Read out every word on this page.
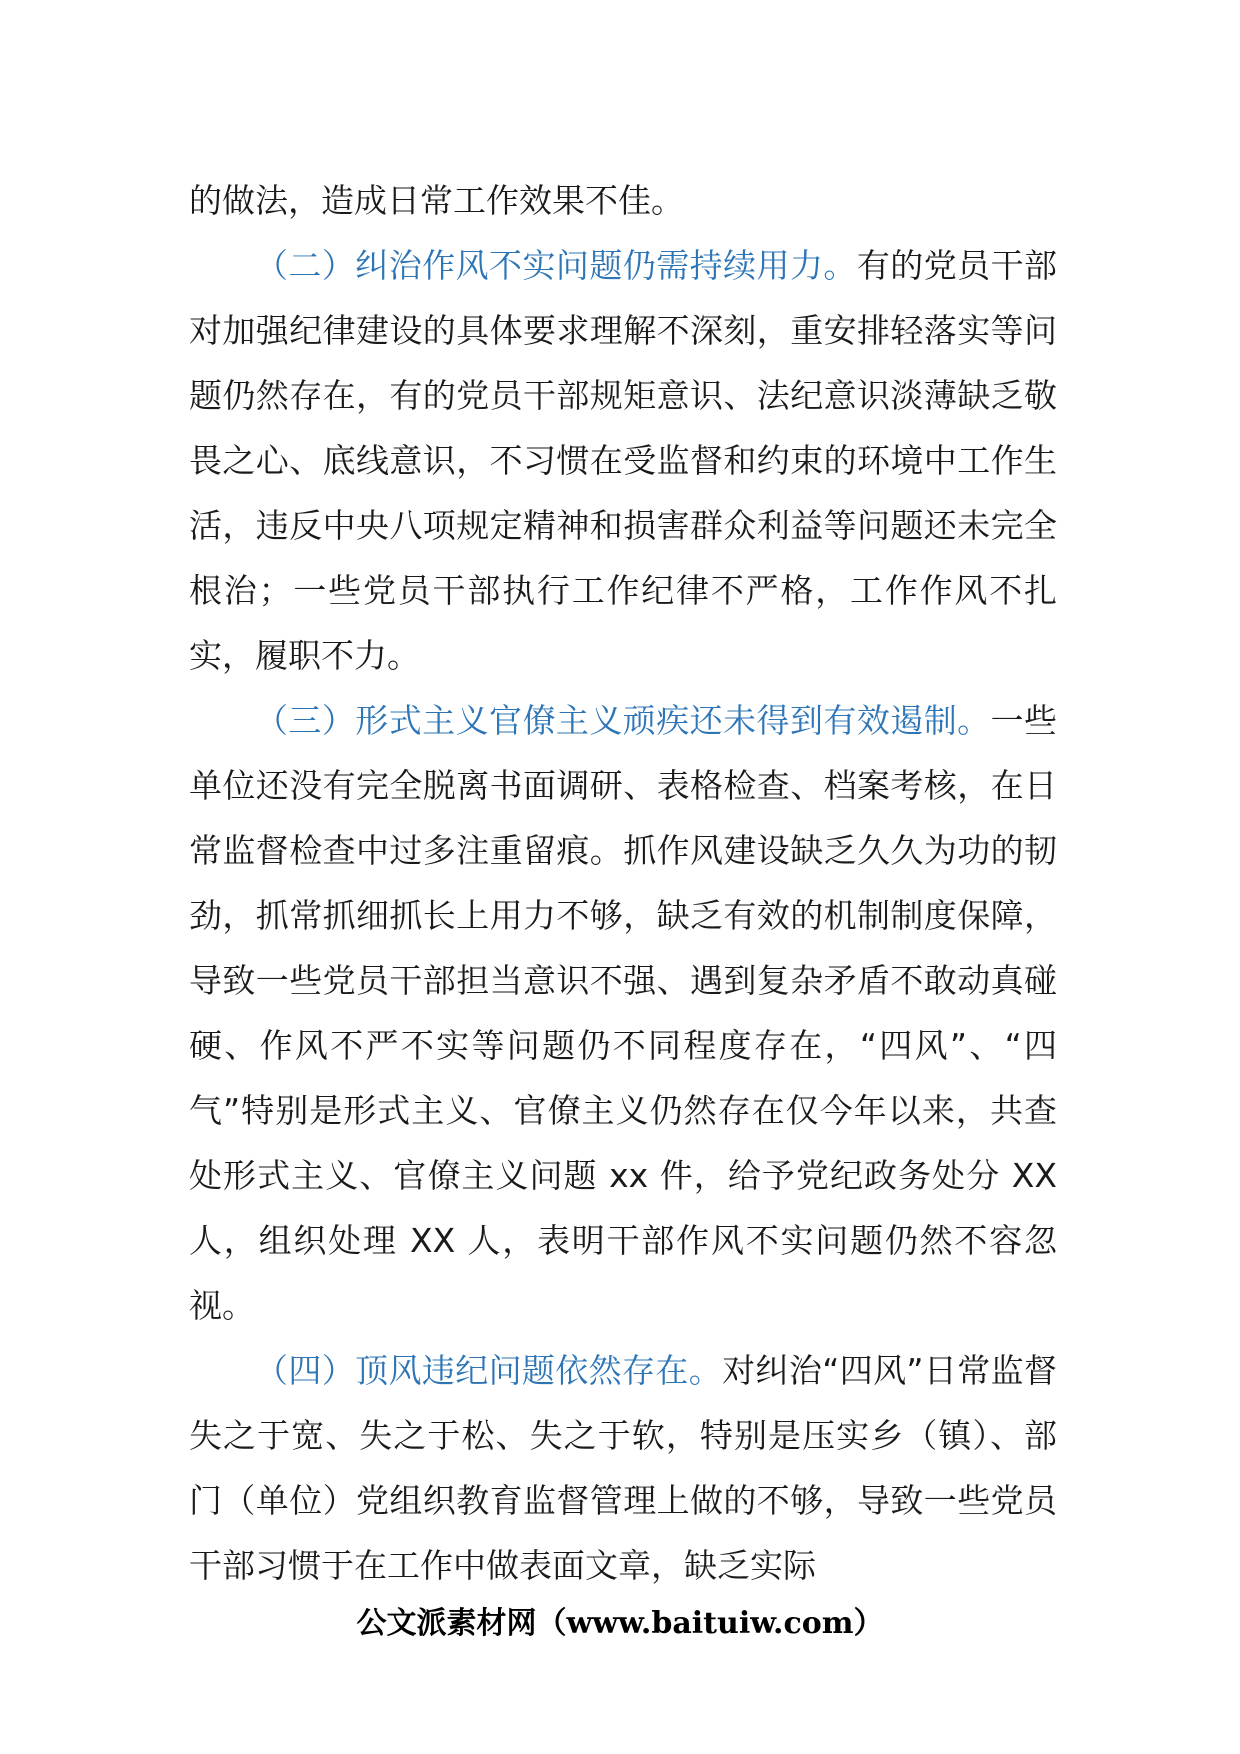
的做法，造成日常工作效果不佳。

（二）纠治作风不实问题仍需持续用力。有的党员干部对加强纪律建设的具体要求理解不深刻，重安排轻落实等问题仍然存在，有的党员干部规矩意识、法纪意识淡薄缺乏敬畏之心、底线意识，不习惯在受监督和约束的环境中工作生活，违反中央八项规定精神和损害群众利益等问题还未完全根治；一些党员干部执行工作纪律不严格，工作作风不扎实，履职不力。

（三）形式主义官僚主义顽疾还未得到有效遏制。一些单位还没有完全脱离书面调研、表格检查、档案考核，在日常监督检查中过多注重留痕。抓作风建设缺乏久久为功的韧劲，抓常抓细抓长上用力不够，缺乏有效的机制制度保障，导致一些党员干部担当意识不强、遇到复杂矛盾不敢动真碰硬、作风不严不实等问题仍不同程度存在，“四风”、“四气”特别是形式主义、官僚主义仍然存在仅今年以来，共查处形式主义、官僚主义问题 xx 件，给予党纪政务处分 XX 人，组织处理 XX 人，表明干部作风不实问题仍然不容忽视。

（四）顶风违纪问题依然存在。对纠治“四风”日常监督失之于宽、失之于松、失之于软，特别是压实乡（镇）、部门（单位）党组织教育监督管理上做的不够，导致一些党员干部习惯于在工作中做表面文章，缺乏实际

公文派素材网（www.baituiw.com）
